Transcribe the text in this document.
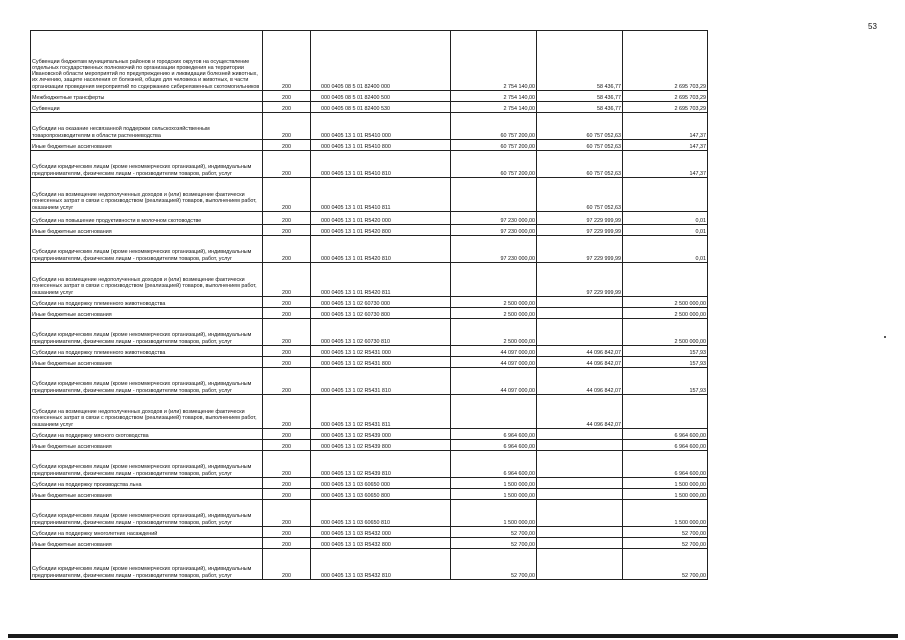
53
Субвенции бюджетам муниципальных районов и городских округов на осуществление отдельных государственных полномочий по организации проведения на территории Ивановской области мероприятий по предупреждению и ликвидации болезней животных, их лечению, защите населения от болезней, общих для человека и животных, в части организации проведения мероприятий по содержанию сибиреязвенных скотомогильников	200	000 0405 08 5 01 82400 000	2 754 140,00	58 436,77	2 695 703,29
Межбюджетные трансферты	200	000 0405 08 5 01 82400 500	2 754 140,00	58 436,77	2 695 703,29
Субвенции	200	000 0405 08 5 01 82400 530	2 754 140,00	58 436,77	2 695 703,29
Субсидии на оказание несвязанной поддержки сельскохозяйственным товаропроизводителям в области растениеводства	200	000 0405 13 1 01 R5410 000	60 757 200,00	60 757 052,63	147,37
Иные бюджетные ассигнования	200	000 0405 13 1 01 R5410 800	60 757 200,00	60 757 052,63	147,37
Субсидии юридическим лицам (кроме некоммерческих организаций), индивидуальным предпринимателям, физическим лицам - производителям товаров, работ, услуг	200	000 0405 13 1 01 R5410 810	60 757 200,00	60 757 052,63	147,37
Субсидии на возмещение недополученных доходов и (или) возмещение фактически понесенных затрат в связи с производством (реализацией) товаров, выполнением работ, оказанием услуг	200	000 0405 13 1 01 R5410 811		60 757 052,63	
Субсидии на повышение продуктивности в молочном скотоводстве	200	000 0405 13 1 01 R5420 000	97 230 000,00	97 229 999,99	0,01
Иные бюджетные ассигнования	200	000 0405 13 1 01 R5420 800	97 230 000,00	97 229 999,99	0,01
Субсидии юридическим лицам (кроме некоммерческих организаций), индивидуальным предпринимателям, физическим лицам - производителям товаров, работ, услуг	200	000 0405 13 1 01 R5420 810	97 230 000,00	97 229 999,99	0,01
Субсидии на возмещение недополученных доходов и (или) возмещение фактически понесенных затрат в связи с производством (реализацией) товаров, выполнением работ, оказанием услуг	200	000 0405 13 1 01 R5420 811		97 229 999,99	
Субсидии на поддержку племенного животноводства	200	000 0405 13 1 02 60730 000	2 500 000,00		2 500 000,00
Иные бюджетные ассигнования	200	000 0405 13 1 02 60730 800	2 500 000,00		2 500 000,00
Субсидии юридическим лицам (кроме некоммерческих организаций), индивидуальным предпринимателям, физическим лицам - производителям товаров, работ, услуг	200	000 0405 13 1 02 60730 810	2 500 000,00		2 500 000,00
Субсидии на поддержку племенного животноводства	200	000 0405 13 1 02 R5431 000	44 097 000,00	44 096 842,07	157,93
Иные бюджетные ассигнования	200	000 0405 13 1 02 R5431 800	44 097 000,00	44 096 842,07	157,93
Субсидии юридическим лицам (кроме некоммерческих организаций), индивидуальным предпринимателям, физическим лицам - производителям товаров, работ, услуг	200	000 0405 13 1 02 R5431 810	44 097 000,00	44 096 842,07	157,93
Субсидии на возмещение недополученных доходов и (или) возмещение фактически понесенных затрат в связи с производством (реализацией) товаров, выполнением работ, оказанием услуг	200	000 0405 13 1 02 R5431 811		44 096 842,07	
Субсидии на поддержку мясного скотоводства	200	000 0405 13 1 02 R5439 000	6 964 600,00		6 964 600,00
Иные бюджетные ассигнования	200	000 0405 13 1 02 R5439 800	6 964 600,00		6 964 600,00
Субсидии юридическим лицам (кроме некоммерческих организаций), индивидуальным предпринимателям, физическим лицам - производителям товаров, работ, услуг	200	000 0405 13 1 02 R5439 810	6 964 600,00		6 964 600,00
Субсидии на поддержку производства льна	200	000 0405 13 1 03 60650 000	1 500 000,00		1 500 000,00
Иные бюджетные ассигнования	200	000 0405 13 1 03 60650 800	1 500 000,00		1 500 000,00
Субсидии юридическим лицам (кроме некоммерческих организаций), индивидуальным предпринимателям, физическим лицам - производителям товаров, работ, услуг	200	000 0405 13 1 03 60650 810	1 500 000,00		1 500 000,00
Субсидии на поддержку многолетних насаждений	200	000 0405 13 1 03 R5432 000	52 700,00		52 700,00
Иные бюджетные ассигнования	200	000 0405 13 1 03 R5432 800	52 700,00		52 700,00
Субсидии юридическим лицам (кроме некоммерческих организаций), индивидуальным предпринимателям, физическим лицам - производителям товаров, работ, услуг	200	000 0405 13 1 03 R5432 810	52 700,00		52 700,00
